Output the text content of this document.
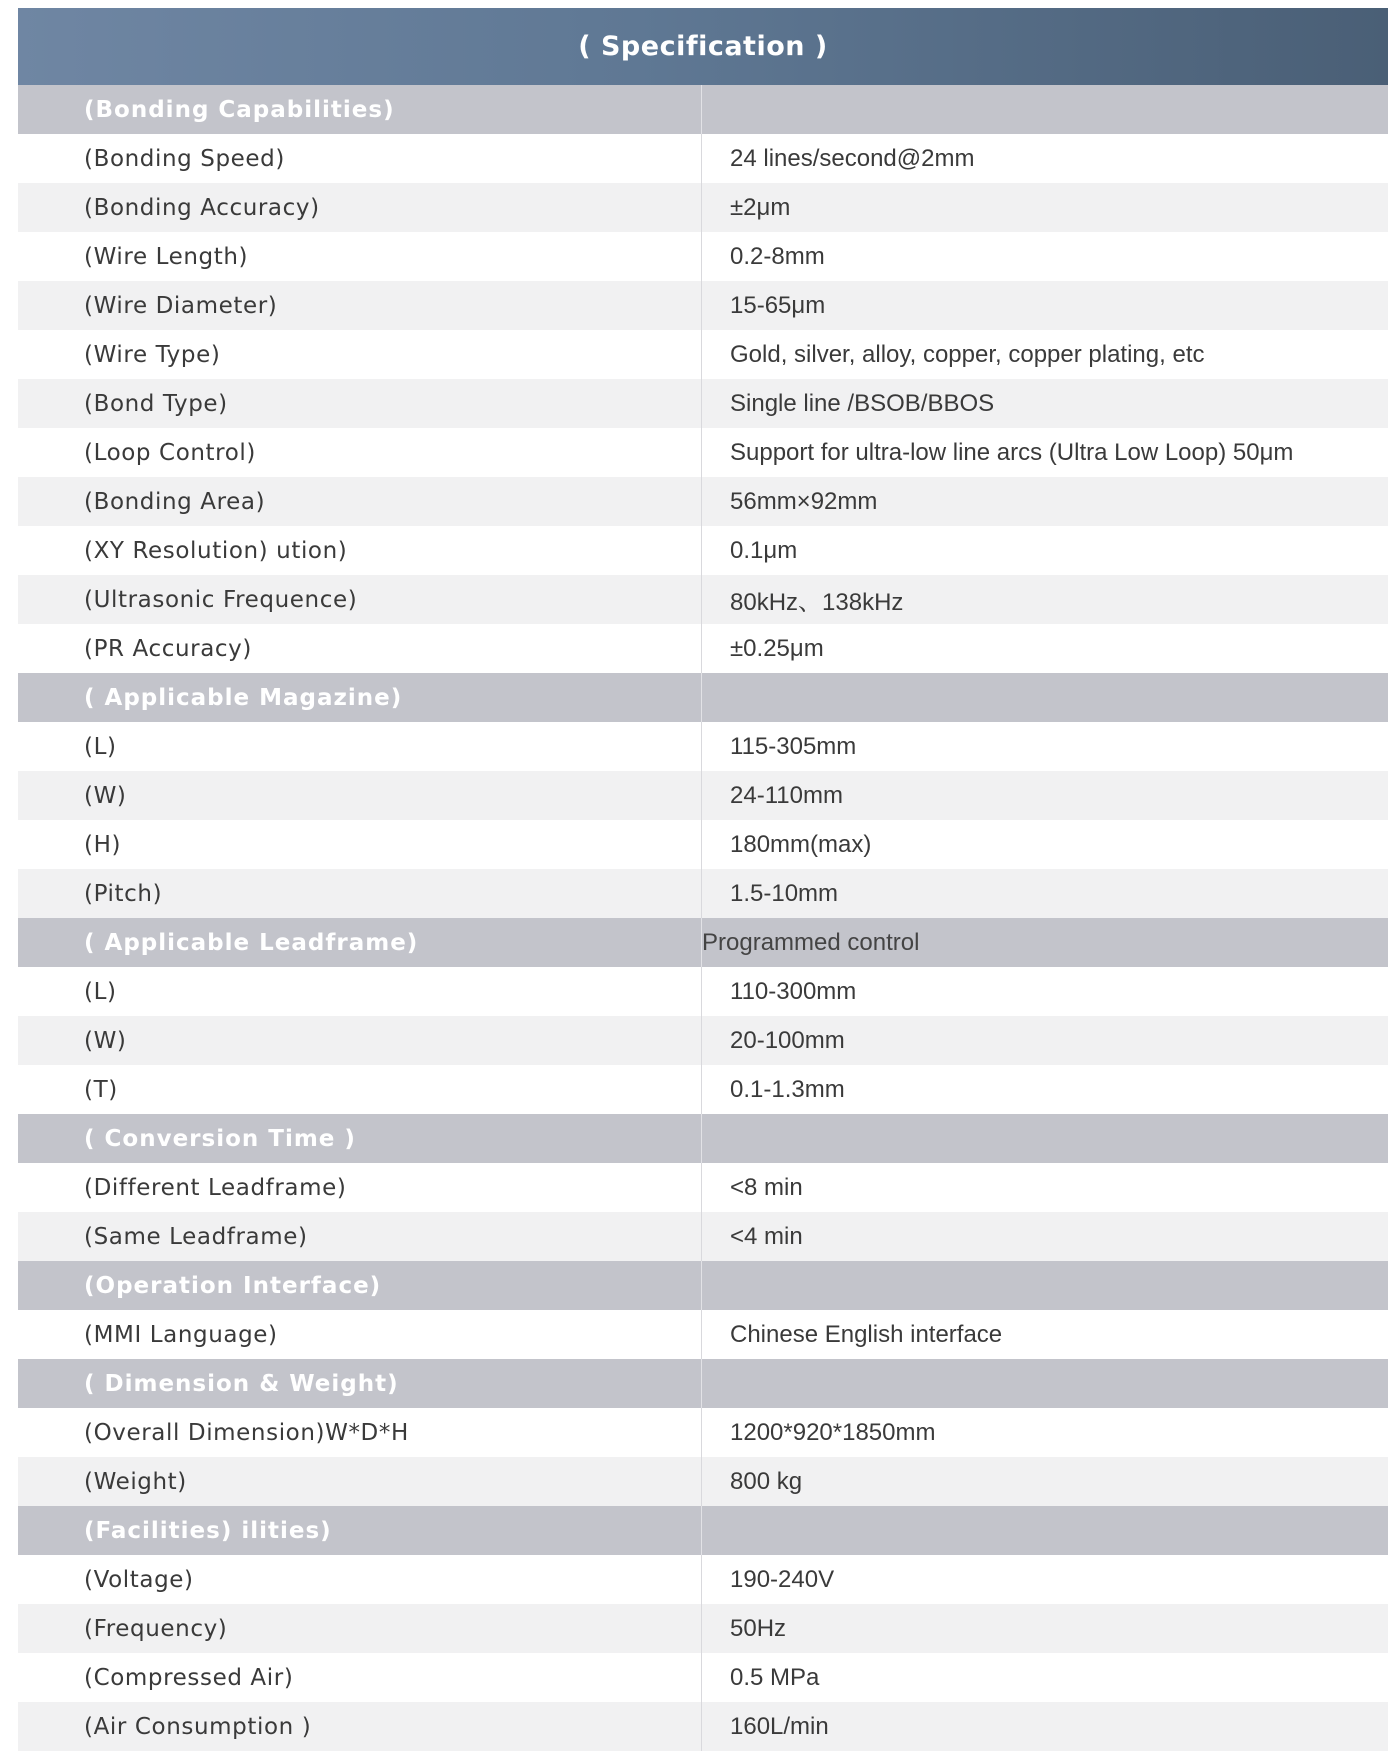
( Specification )
(Bonding Capabilities)
(Bonding Speed)	24 lines/second@2mm
(Bonding Accuracy)	±2μm
(Wire Length)	0.2-8mm
(Wire Diameter)	15-65μm
(Wire Type)	Gold, silver, alloy, copper, copper plating, etc
(Bond Type)	Single line /BSOB/BBOS
(Loop Control)	Support for ultra-low line arcs (Ultra Low Loop) 50μm
(Bonding Area)	56mm×92mm
(XY Resolution) ution)	0.1μm
(Ultrasonic Frequence)	80kHz、138kHz
(PR Accuracy)	±0.25μm
( Applicable Magazine)
(L)	115-305mm
(W)	24-110mm
(H)	180mm(max)
(Pitch)	1.5-10mm
( Applicable Leadframe)	Programmed control
(L)	110-300mm
(W)	20-100mm
(T)	0.1-1.3mm
( Conversion Time )
(Different Leadframe)	<8 min
(Same Leadframe)	<4 min
(Operation Interface)
(MMI Language)	Chinese English interface
( Dimension & Weight)
(Overall Dimension)W*D*H	1200*920*1850mm
(Weight)	800 kg
(Facilities) ilities)
(Voltage)	190-240V
(Frequency)	50Hz
(Compressed Air)	0.5 MPa
(Air Consumption )	160L/min
